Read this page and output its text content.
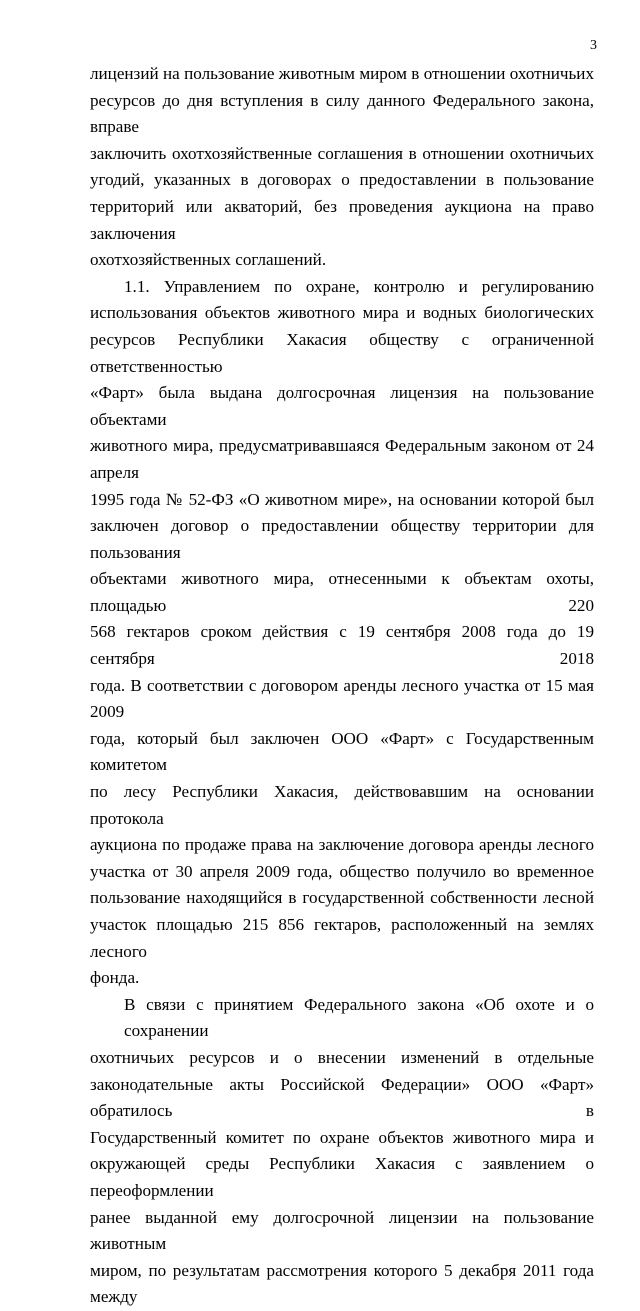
3
лицензий на пользование животным миром в отношении охотничьих
ресурсов до дня вступления в силу данного Федерального закона, вправе
заключить охотхозяйственные соглашения в отношении охотничьих
угодий, указанных в договорах о предоставлении в пользование
территорий или акваторий, без проведения аукциона на право заключения
охотхозяйственных соглашений.
1.1. Управлением по охране, контролю и регулированию
использования объектов животного мира и водных биологических
ресурсов Республики Хакасия обществу с ограниченной ответственностью
«Фарт» была выдана долгосрочная лицензия на пользование объектами
животного мира, предусматривавшаяся Федеральным законом от 24 апреля
1995 года № 52-ФЗ «О животном мире», на основании которой был
заключен договор о предоставлении обществу территории для пользования
объектами животного мира, отнесенными к объектам охоты, площадью 220
568 гектаров сроком действия с 19 сентября 2008 года до 19 сентября 2018
года. В соответствии с договором аренды лесного участка от 15 мая 2009
года, который был заключен ООО «Фарт» с Государственным комитетом
по лесу Республики Хакасия, действовавшим на основании протокола
аукциона по продаже права на заключение договора аренды лесного
участка от 30 апреля 2009 года, общество получило во временное
пользование находящийся в государственной собственности лесной
участок площадью 215 856 гектаров, расположенный на землях лесного
фонда.
В связи с принятием Федерального закона «Об охоте и о сохранении
охотничьих ресурсов и о внесении изменений в отдельные
законодательные акты Российской Федерации» ООО «Фарт» обратилось в
Государственный комитет по охране объектов животного мира и
окружающей среды Республики Хакасия с заявлением о переоформлении
ранее выданной ему долгосрочной лицензии на пользование животным
миром, по результатам рассмотрения которого 5 декабря 2011 года между
